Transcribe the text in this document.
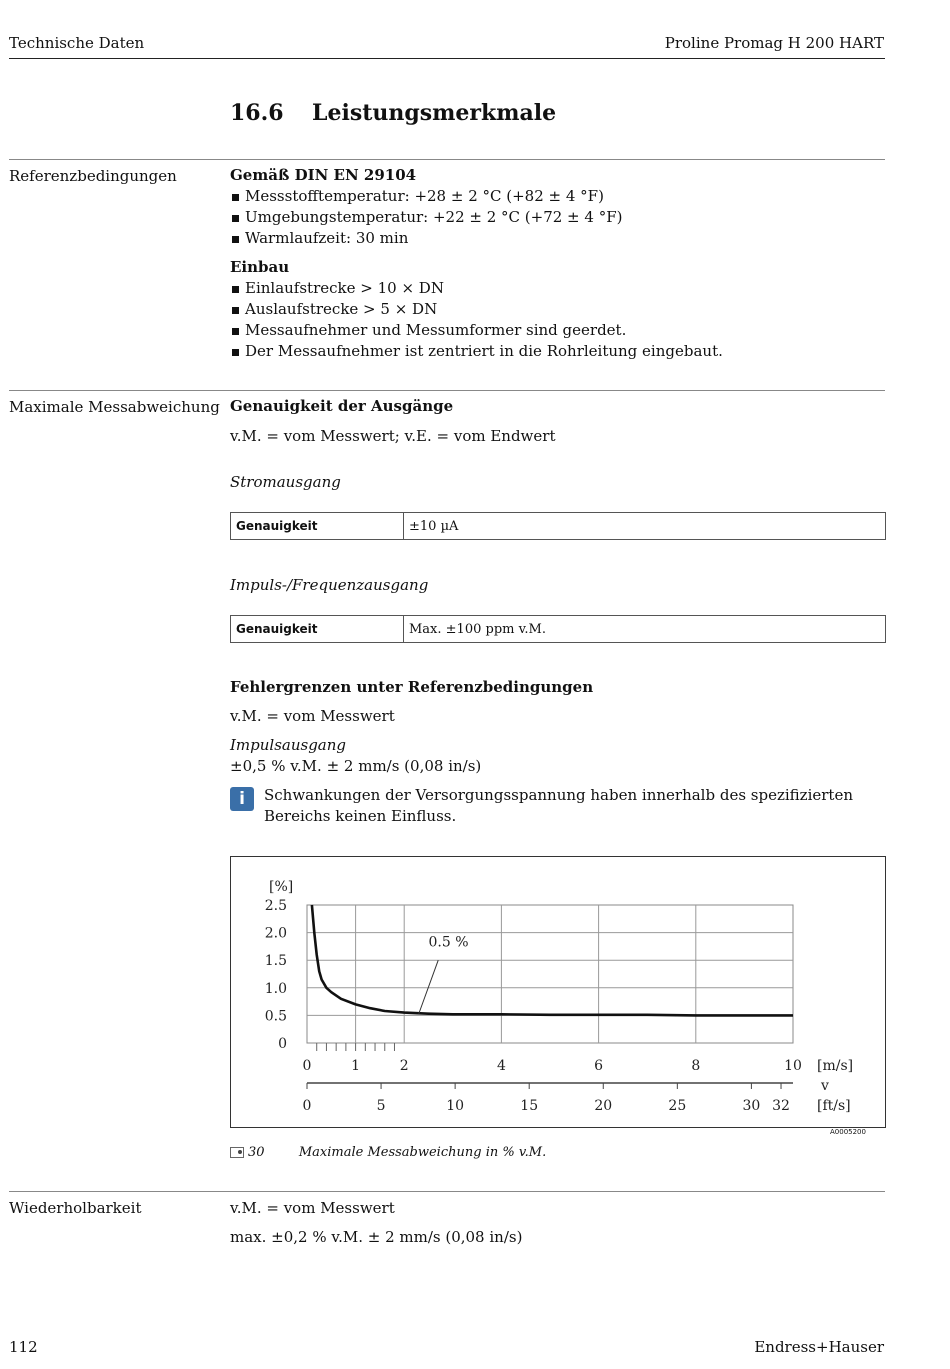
Technische Daten	Proline Promag H 200 HART
16.6 Leistungsmerkmale
Referenzbedingungen	Gemäß DIN EN 29104
Messstofftemperatur: +28 ± 2 °C (+82 ± 4 °F)
Umgebungstemperatur: +22 ± 2 °C (+72 ± 4 °F)
Warmlaufzeit: 30 min
Einbau
Einlaufstrecke > 10 × DN
Auslaufstrecke > 5 × DN
Messaufnehmer und Messumformer sind geerdet.
Der Messaufnehmer ist zentriert in die Rohrleitung eingebaut.
Maximale Messabweichung Genauigkeit der Ausgänge
v.M. = vom Messwert; v.E. = vom Endwert
Stromausgang
Genauigkeit	±10 µA
Impuls-/Frequenzausgang
Genauigkeit	Max. ±100 ppm v.M.
Fehlergrenzen unter Referenzbedingungen
v.M. = vom Messwert
Impulsausgang
±0,5 % v.M. ± 2 mm/s (0,08 in/s)
i	Schwankungen der Versorgungsspannung haben innerhalb des spezifizierten Bereichs keinen Einfluss.
0
0.5
1.0
1.5
2.0
2.5
0	1	2	4	6	8	10
[%]
[m/s]
v
[ft/s]
0	5	10	15	20	25	30 32
0.5 %
A0005200
30	Maximale Messabweichung in % v.M.
Wiederholbarkeit	v.M. = vom Messwert
max. ±0,2 % v.M. ± 2 mm/s (0,08 in/s)
112	Endress+Hauser
